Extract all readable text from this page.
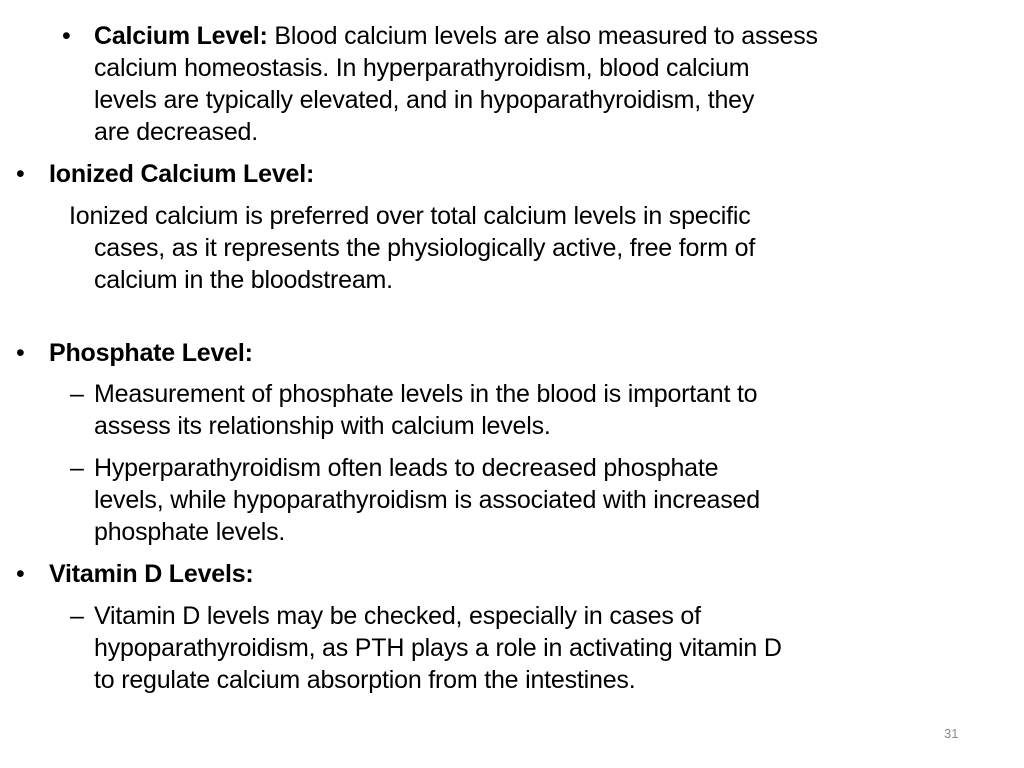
• Calcium Level: Blood calcium levels are also measured to assess
calcium homeostasis. In hyperparathyroidism, blood calcium
levels are typically elevated, and in hypoparathyroidism, they
are decreased.
• Ionized Calcium Level:
Ionized calcium is preferred over total calcium levels in specific
cases, as it represents the physiologically active, free form of
calcium in the bloodstream.
• Phosphate Level:
– Measurement of phosphate levels in the blood is important to
assess its relationship with calcium levels.
– Hyperparathyroidism often leads to decreased phosphate
levels, while hypoparathyroidism is associated with increased
phosphate levels.
• Vitamin D Levels:
– Vitamin D levels may be checked, especially in cases of
hypoparathyroidism, as PTH plays a role in activating vitamin D
to regulate calcium absorption from the intestines.
31
